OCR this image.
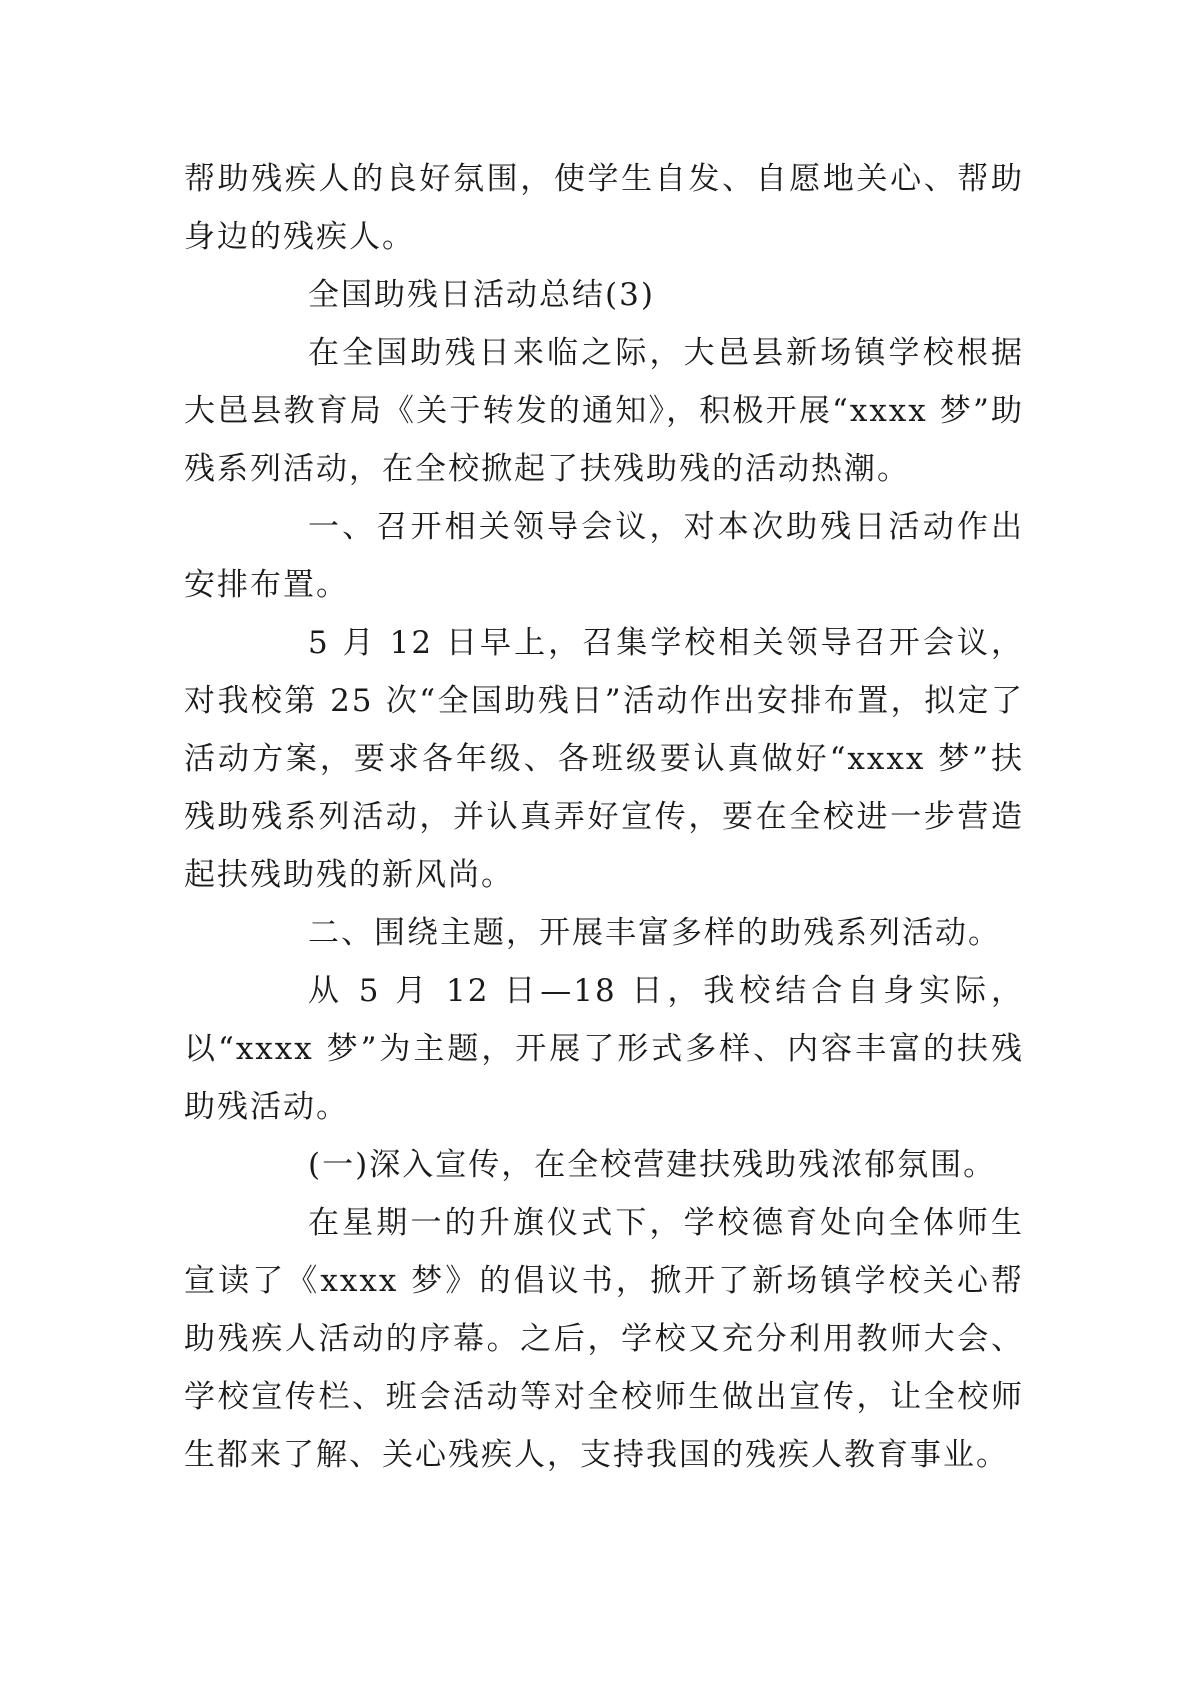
帮助残疾人的良好氛围，使学生自发、自愿地关心、帮助身边的残疾人。

全国助残日活动总结(3)

在全国助残日来临之际，大邑县新场镇学校根据大邑县教育局《关于转发的通知》，积极开展“xxxx 梦”助残系列活动，在全校掀起了扶残助残的活动热潮。

一、召开相关领导会议，对本次助残日活动作出安排布置。

5 月 12 日早上，召集学校相关领导召开会议，对我校第 25 次“全国助残日”活动作出安排布置，拟定了活动方案，要求各年级、各班级要认真做好“xxxx 梦”扶残助残系列活动，并认真弄好宣传，要在全校进一步营造起扶残助残的新风尚。

二、围绕主题，开展丰富多样的助残系列活动。

从 5 月 12 日—18 日，我校结合自身实际，以“xxxx 梦”为主题，开展了形式多样、内容丰富的扶残助残活动。

(一)深入宣传，在全校营建扶残助残浓郁氛围。

在星期一的升旗仪式下，学校德育处向全体师生宣读了《xxxx 梦》的倡议书，掀开了新场镇学校关心帮助残疾人活动的序幕。之后，学校又充分利用教师大会、学校宣传栏、班会活动等对全校师生做出宣传，让全校师生都来了解、关心残疾人，支持我国的残疾人教育事业。
